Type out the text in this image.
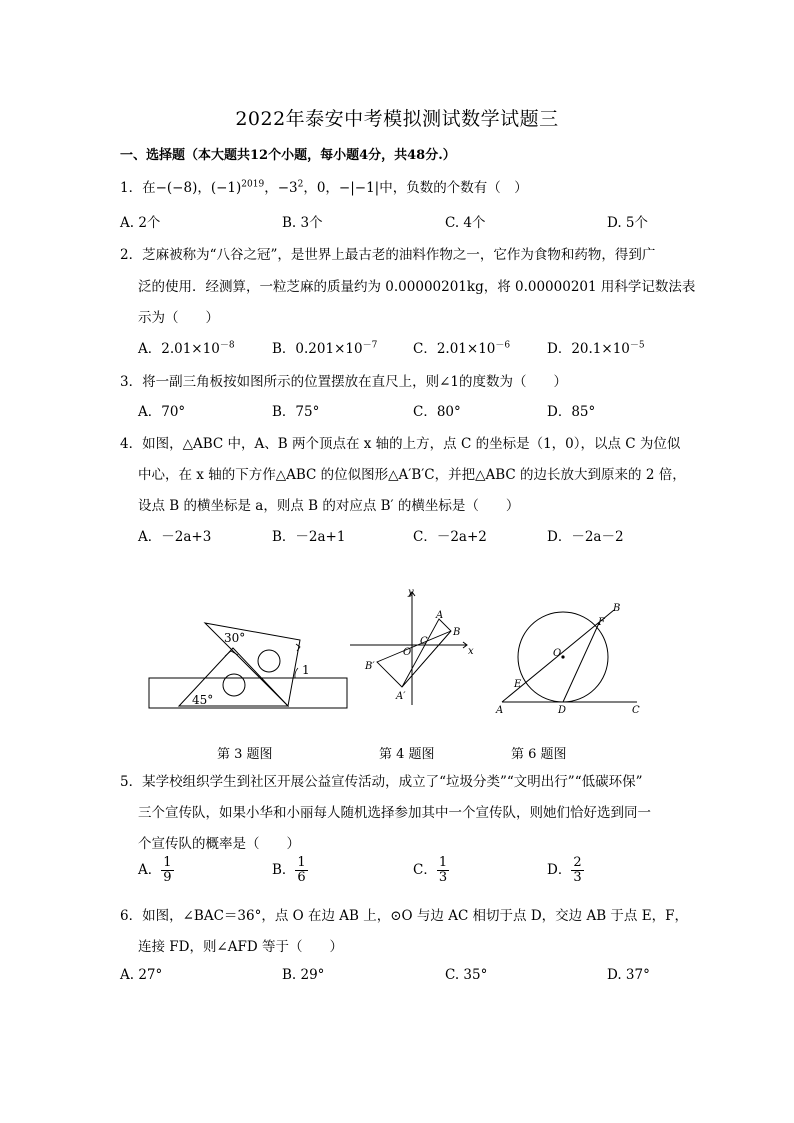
2022年泰安中考模拟测试数学试题三
一、选择题（本大题共12个小题，每小题4分，共48分.）
1．在−(−8)，$(-1)^{2019}$，$-3^2$，0，−|−1|中，负数的个数有（　）
A. 2个	B. 3个	C. 4个	D. 5个
2．芝麻被称为“八谷之冠”，是世界上最古老的油料作物之一，它作为食物和药物，得到广
泛的使用．经测算，一粒芝麻的质量约为 0.00000201kg，将 0.00000201 用科学记数法表
示为（　　）
A．$2.01\times 10^{-8}$	B．$0.201\times 10^{-7}$	C．$2.01\times 10^{-6}$	D．$20.1\times 10^{-5}$
3．将一副三角板按如图所示的位置摆放在直尺上，则∠1的度数为（　　）
A．70°	B．75°	C．80°	D．85°
4．如图，△ABC 中，A、B 两个顶点在 x 轴的上方，点 C 的坐标是（1，0），以点 C 为位似
中心，在 x 轴的下方作△ABC 的位似图形△A′B′C，并把△ABC 的边长放大到原来的 2 倍，
设点 B 的横坐标是 a，则点 B 的对应点 B′ 的横坐标是（　　）
A．－2a+3	B．－2a+1	C．－2a+2	D．－2a－2
30°
45°
1
y
x
O
A
B
C
A′
B′
A
B
C
D
E
F
O
第 3 题图	第 4 题图	第 6 题图
5．某学校组织学生到社区开展公益宣传活动，成立了“垃圾分类”“文明出行”“低碳环保”
三个宣传队，如果小华和小丽每人随机选择参加其中一个宣传队，则她们恰好选到同一
个宣传队的概率是（　　）
A． $\frac{1}{9}$	B． $\frac{1}{6}$	C． $\frac{1}{3}$	D． $\frac{2}{3}$
6．如图，∠BAC＝36°，点 O 在边 AB 上，⊙O 与边 AC 相切于点 D，交边 AB 于点 E，F，
连接 FD，则∠AFD 等于（　　）
A. 27°	B. 29°	C. 35°	D. 37°
